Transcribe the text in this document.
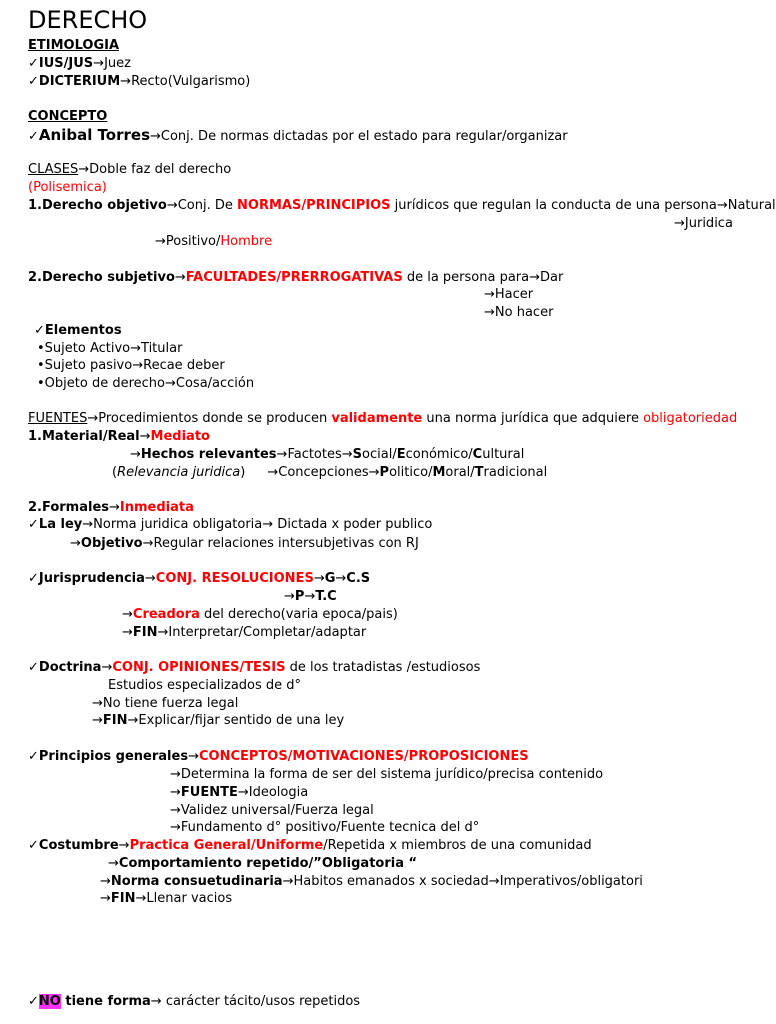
DERECHO
ETIMOLOGIA
✓IUS/JUS→Juez
✓DICTERIUM→Recto(Vulgarismo)
CONCEPTO
✓Anibal Torres→Conj. De normas dictadas por el estado para regular/organizar
CLASES→Doble faz del derecho
(Polisemica)
1.Derecho objetivo→Conj. De NORMAS/PRINCIPIOS jurídicos que regulan la conducta de una persona→Natural
→Juridica
→Positivo/Hombre
2.Derecho subjetivo→FACULTADES/PRERROGATIVAS de la persona para→Dar
→Hacer
→No hacer
✓Elementos
•Sujeto Activo→Titular
•Sujeto pasivo→Recae deber
•Objeto de derecho→Cosa/acción
FUENTES→Procedimientos donde se producen validamente una norma jurídica que adquiere obligatoriedad
1.Material/Real→Mediato
→Hechos relevantes→Factotes→Social/Económico/Cultural
(Relevancia juridica) →Concepciones→Politico/Moral/Tradicional
2.Formales→Inmediata
✓La ley→Norma juridica obligatoria→ Dictada x poder publico
→Objetivo→Regular relaciones intersubjetivas con RJ
✓Jurisprudencia→CONJ. RESOLUCIONES→G→C.S
→P→T.C
→Creadora del derecho(varia epoca/pais)
→FIN→Interpretar/Completar/adaptar
✓Doctrina→CONJ. OPINIONES/TESIS de los tratadistas /estudiosos
Estudios especializados de d°
→No tiene fuerza legal
→FIN→Explicar/fijar sentido de una ley
✓Principios generales→CONCEPTOS/MOTIVACIONES/PROPOSICIONES
→Determina la forma de ser del sistema jurídico/precisa contenido
→FUENTE→Ideologia
→Validez universal/Fuerza legal
→Fundamento d° positivo/Fuente tecnica del d°
✓Costumbre→Practica General/Uniforme/Repetida x miembros de una comunidad
→Comportamiento repetido/”Obligatoria “
→Norma consuetudinaria→Habitos emanados x sociedad→Imperativos/obligatori
→FIN→Llenar vacios
✓NO tiene forma→ carácter tácito/usos repetidos
